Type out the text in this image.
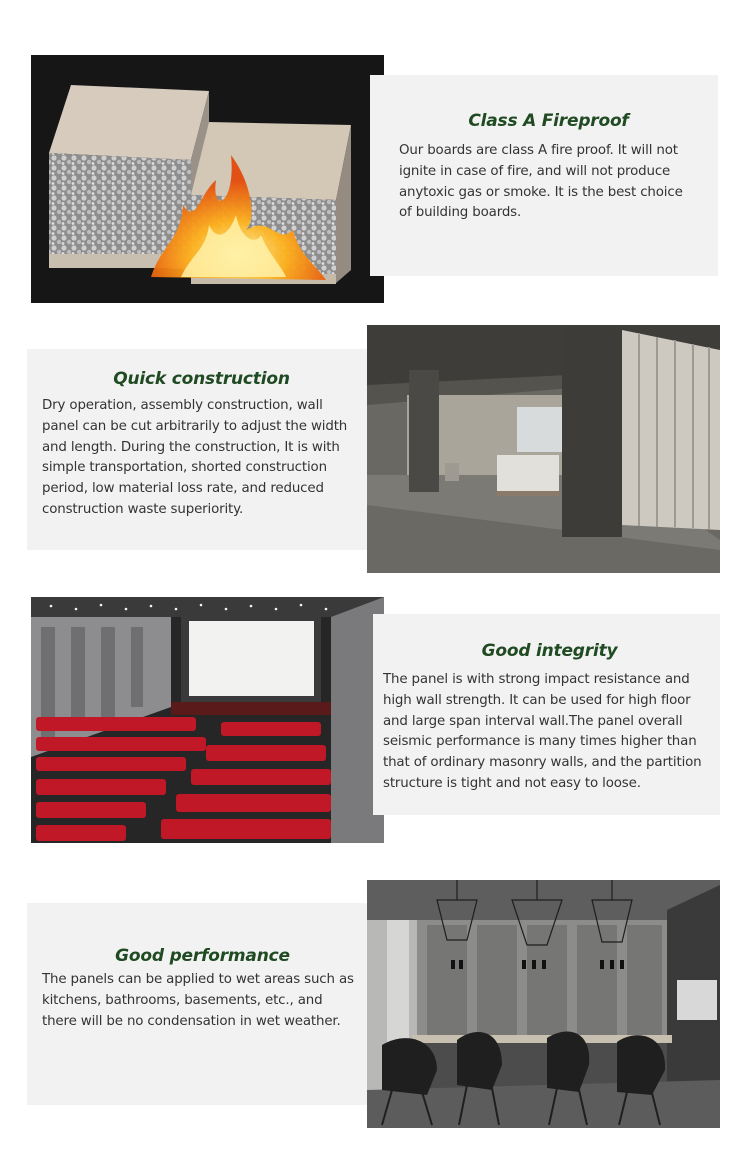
Class A Fireproof

Our boards are class A fire proof. It will not
ignite in case of fire, and will not produce
anytoxic gas or smoke. It is the best choice
of building boards.

Quick construction

Dry operation, assembly construction, wall
panel can be cut arbitrarily to adjust the width
and length. During the construction, It is with
simple transportation, shorted construction
period, low material loss rate, and reduced
construction waste superiority.

Good integrity

The panel is with strong impact resistance and
high wall strength. It can be used for high floor
and large span interval wall.The panel overall
seismic performance is many times higher than
that of ordinary masonry walls, and the partition
structure is tight and not easy to loose.

Good performance

The panels can be applied to wet areas such as
kitchens, bathrooms, basements, etc., and
there will be no condensation in wet weather.
